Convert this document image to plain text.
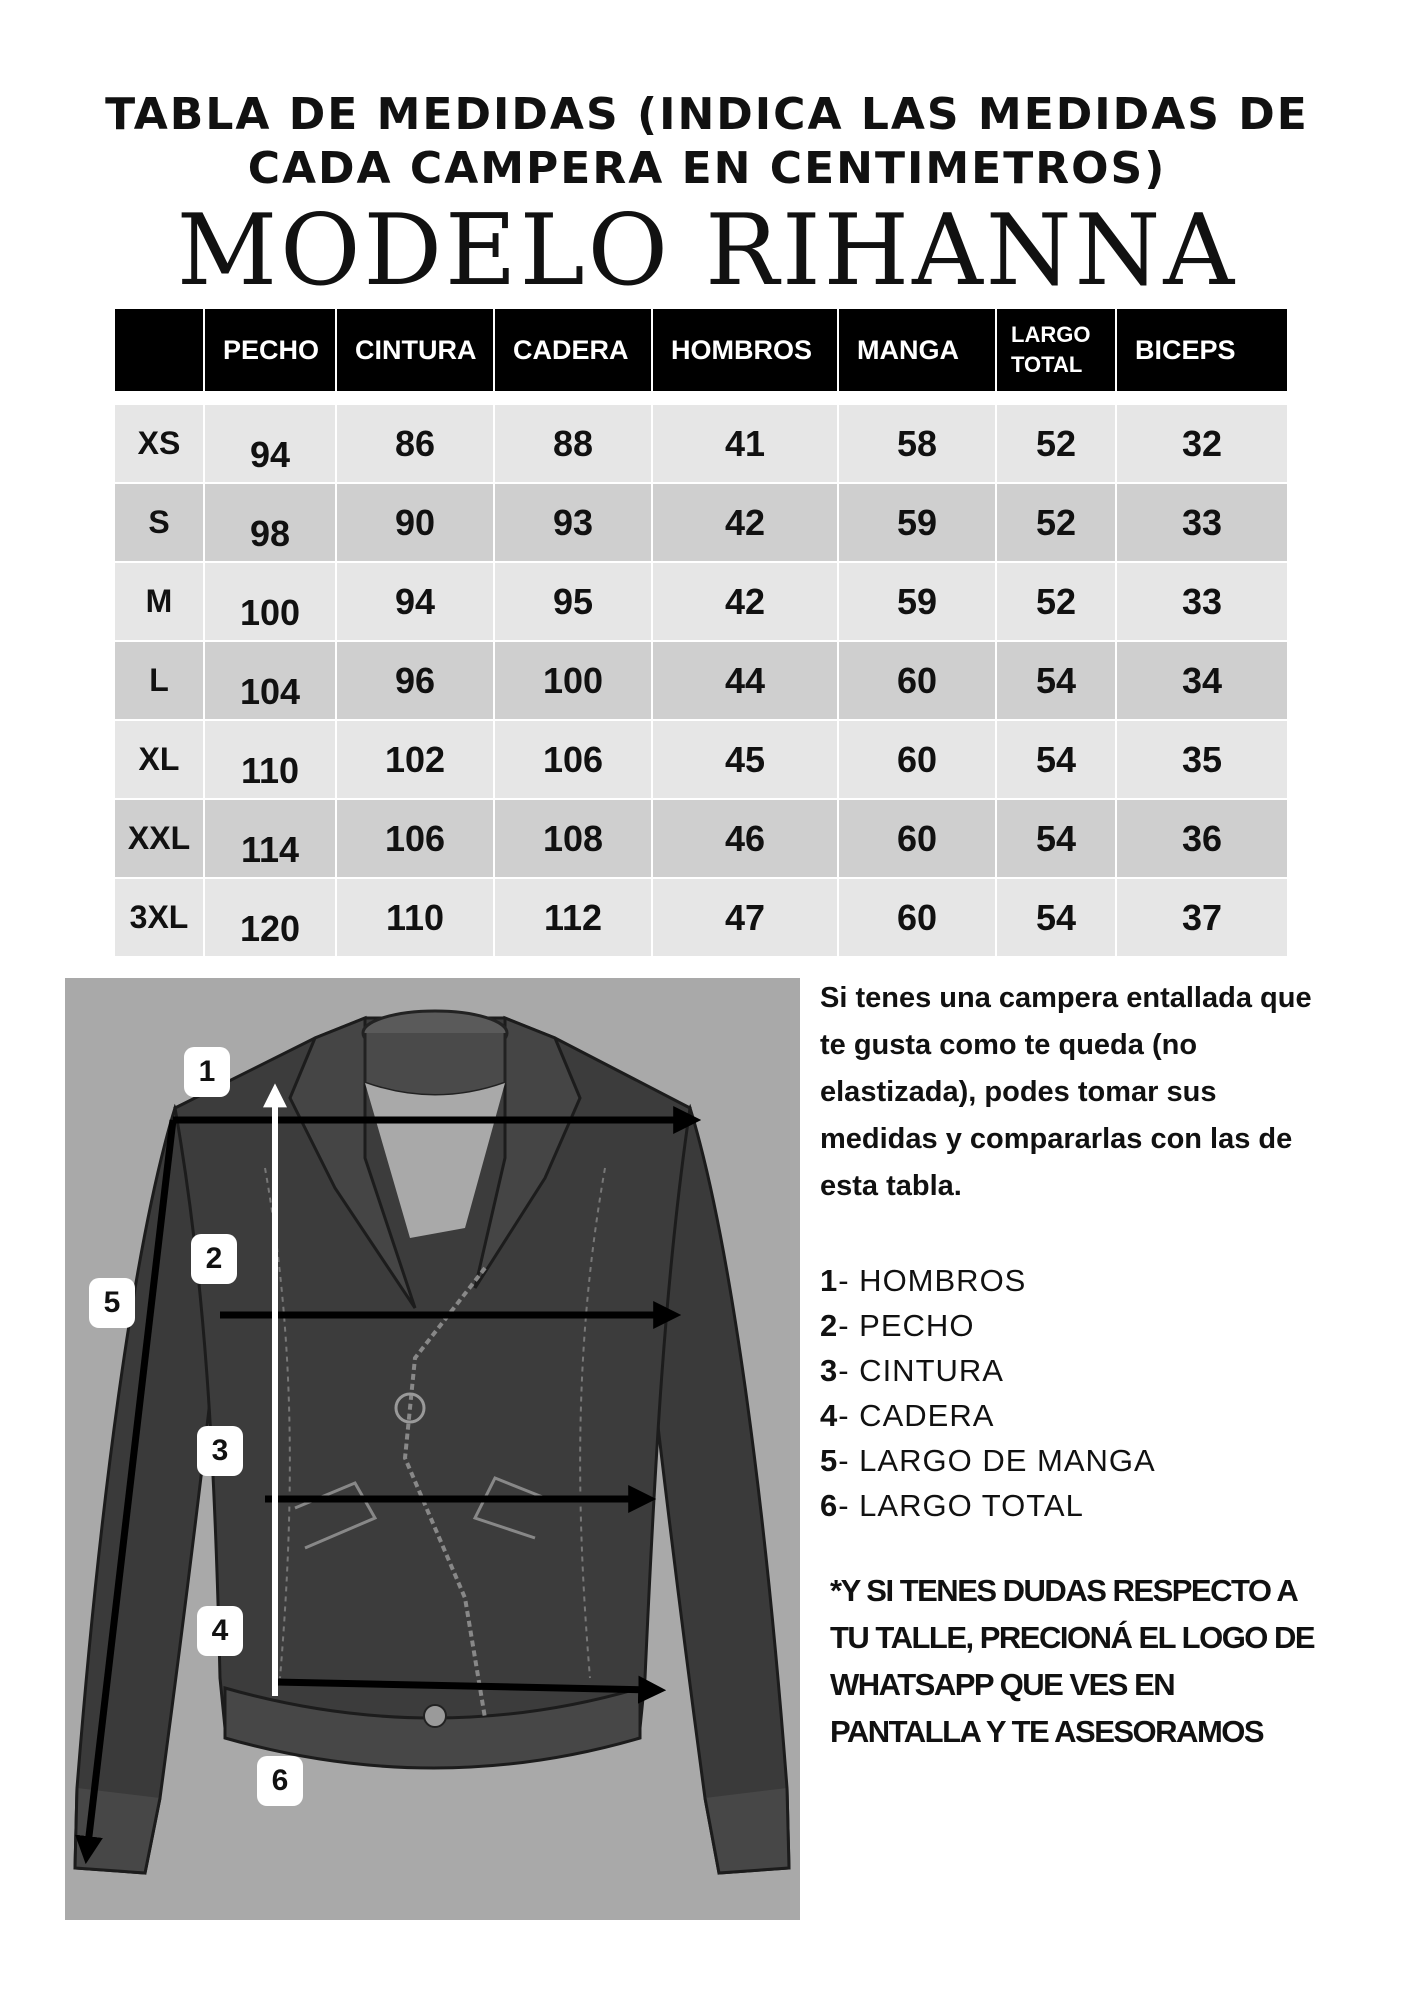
TABLA DE MEDIDAS (INDICA LAS MEDIDAS DE
CADA CAMPERA EN CENTIMETROS)
MODELO RIHANNA
	PECHO	CINTURA	CADERA	HOMBROS	MANGA	LARGO
TOTAL	BICEPS

XS	94	86	88	41	58	52	32
S	98	90	93	42	59	52	33
M	100	94	95	42	59	52	33
L	104	96	100	44	60	54	34
XL	110	102	106	45	60	54	35
XXL	114	106	108	46	60	54	36
3XL	120	110	112	47	60	54	37
1
2
3
4
5
6
Si tenes una campera entallada que te gusta como te queda (no elastizada), podes tomar sus medidas y compararlas con las de esta tabla.
1- HOMBROS
2- PECHO
3- CINTURA
4- CADERA
5- LARGO DE MANGA
6- LARGO TOTAL
*Y SI TENES DUDAS RESPECTO A TU TALLE, PRECIONÁ EL LOGO DE WHATSAPP QUE VES EN PANTALLA Y TE ASESORAMOS
